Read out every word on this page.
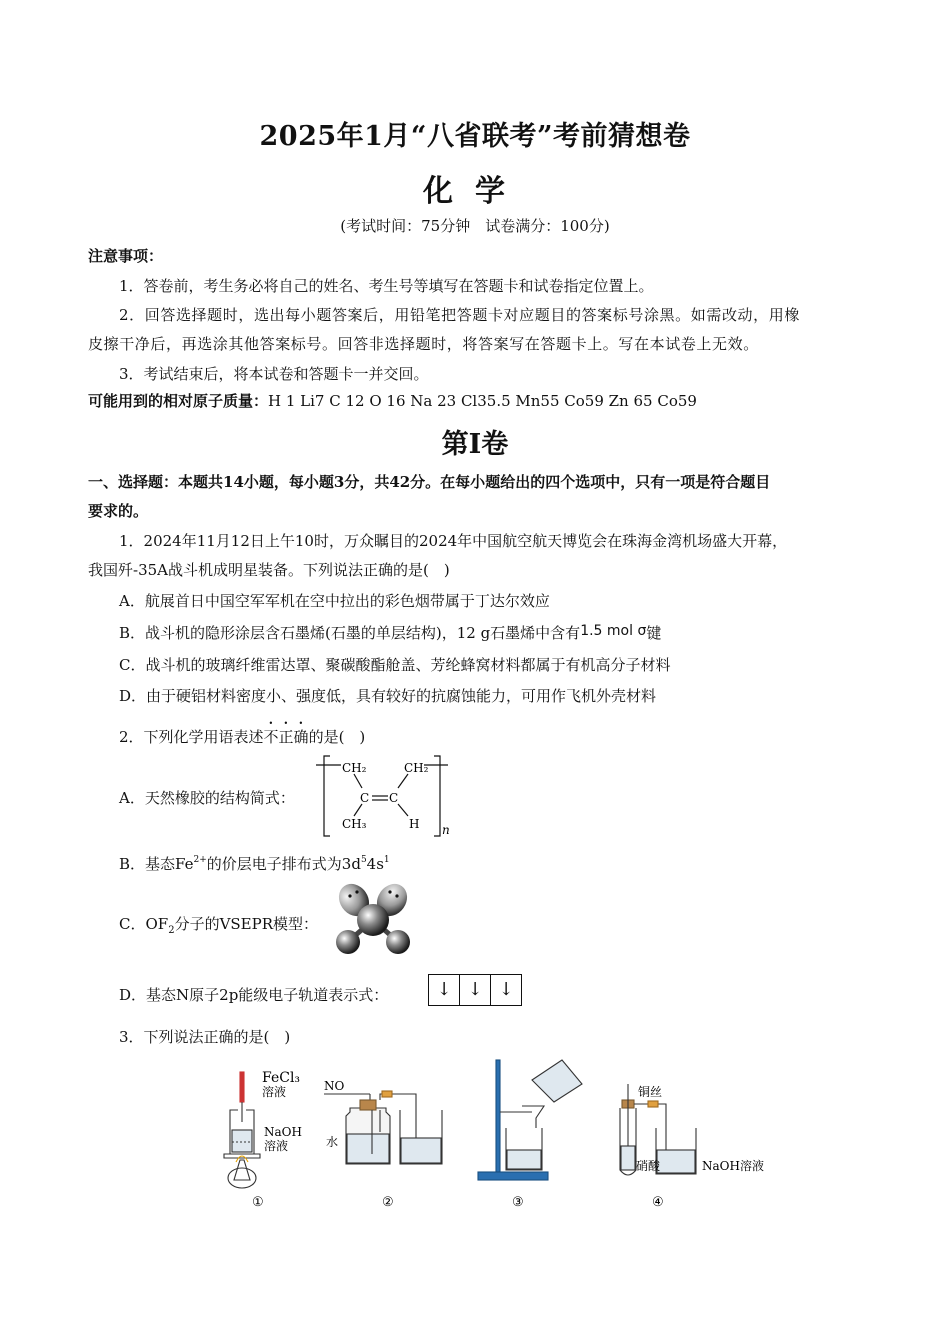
2025年1月“八省联考”考前猜想卷
化学
(考试时间：75分钟　试卷满分：100分)
注意事项：
1．答卷前，考生务必将自己的姓名、考生号等填写在答题卡和试卷指定位置上。
2．回答选择题时，选出每小题答案后，用铅笔把答题卡对应题目的答案标号涂黑。如需改动，用橡
皮擦干净后，再选涂其他答案标号。回答非选择题时，将答案写在答题卡上。写在本试卷上无效。
3．考试结束后，将本试卷和答题卡一并交回。
可能用到的相对原子质量：H 1 Li7 C 12 O 16 Na 23 Cl35.5 Mn55 Co59 Zn 65 Co59
第Ⅰ卷
一、选择题：本题共14小题，每小题3分，共42分。在每小题给出的四个选项中，只有一项是符合题目
要求的。
1．2024年11月12日上午10时，万众瞩目的2024年中国航空航天博览会在珠海金湾机场盛大开幕，
我国歼-35A战斗机成明星装备。下列说法正确的是(　)
A．航展首日中国空军军机在空中拉出的彩色烟带属于丁达尔效应
B．战斗机的隐形涂层含石墨烯(石墨的单层结构)，12 g石墨烯中含有1.5 mol σ键
C．战斗机的玻璃纤维雷达罩、聚碳酸酯舱盖、芳纶蜂窝材料都属于有机高分子材料
D．由于硬铝材料密度小、强度低，具有较好的抗腐蚀能力，可用作飞机外壳材料
2．下列化学用语表述不正确的是(　)
A．天然橡胶的结构简式：
CH₂	CH₂
C C
CH₃	H n
B．基态$Fe^{2+}$的价层电子排布式为$3d^54s^1$
C．$OF_2$分子的VSEPR模型：
D．基态N原子2p能级电子轨道表示式：	↓ ↓ ↓
3．下列说法正确的是(　)
FeCl₃
溶液
NaOH
溶液
①
NO
水
②	③
铜丝
硝酸	NaOH溶液
④
